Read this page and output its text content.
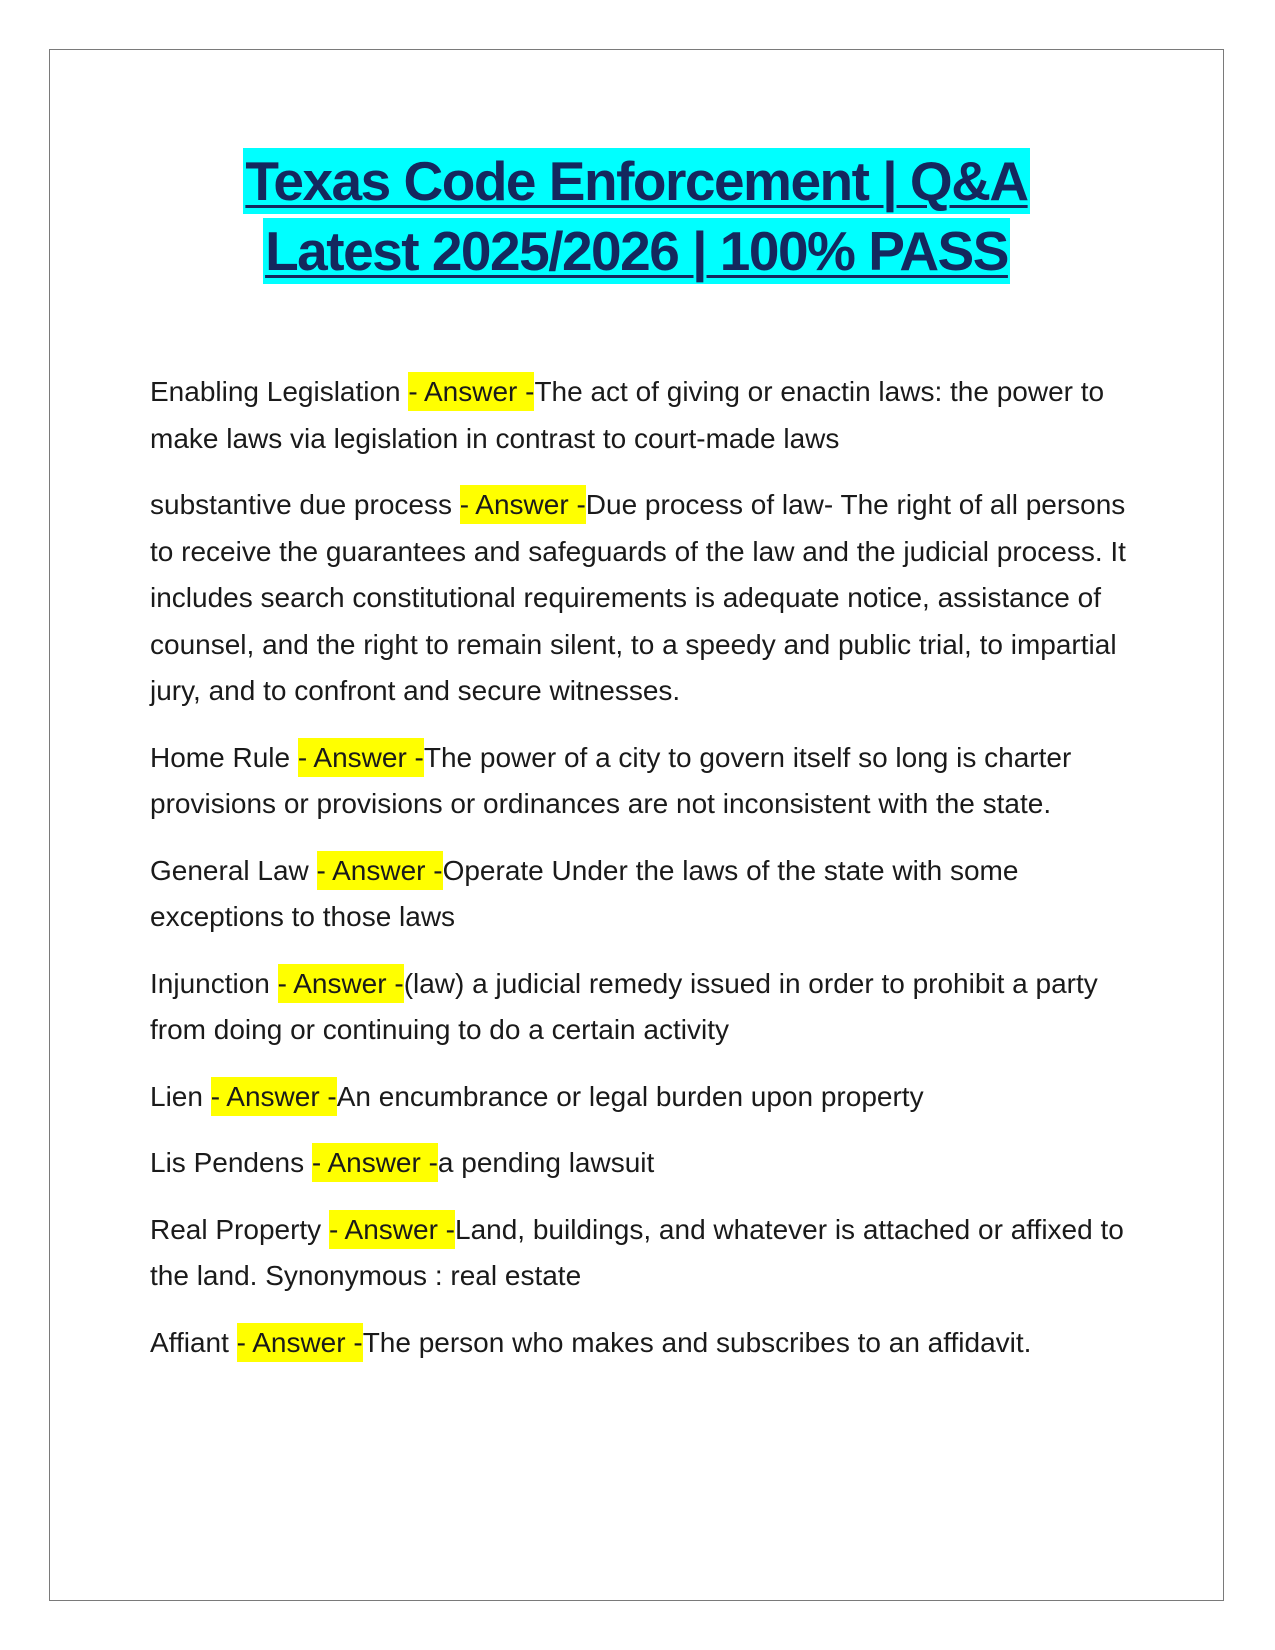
Texas Code Enforcement | Q&A
Latest 2025/2026 | 100% PASS

Enabling Legislation - Answer -The act of giving or enactin laws: the power to make laws via legislation in contrast to court-made laws

substantive due process - Answer -Due process of law- The right of all persons to receive the guarantees and safeguards of the law and the judicial process. It includes search constitutional requirements is adequate notice, assistance of counsel, and the right to remain silent, to a speedy and public trial, to impartial jury, and to confront and secure witnesses.

Home Rule - Answer -The power of a city to govern itself so long is charter provisions or provisions or ordinances are not inconsistent with the state.

General Law - Answer -Operate Under the laws of the state with some exceptions to those laws

Injunction - Answer -(law) a judicial remedy issued in order to prohibit a party from doing or continuing to do a certain activity

Lien - Answer -An encumbrance or legal burden upon property

Lis Pendens - Answer -a pending lawsuit

Real Property - Answer -Land, buildings, and whatever is attached or affixed to the land. Synonymous : real estate

Affiant - Answer -The person who makes and subscribes to an affidavit.
